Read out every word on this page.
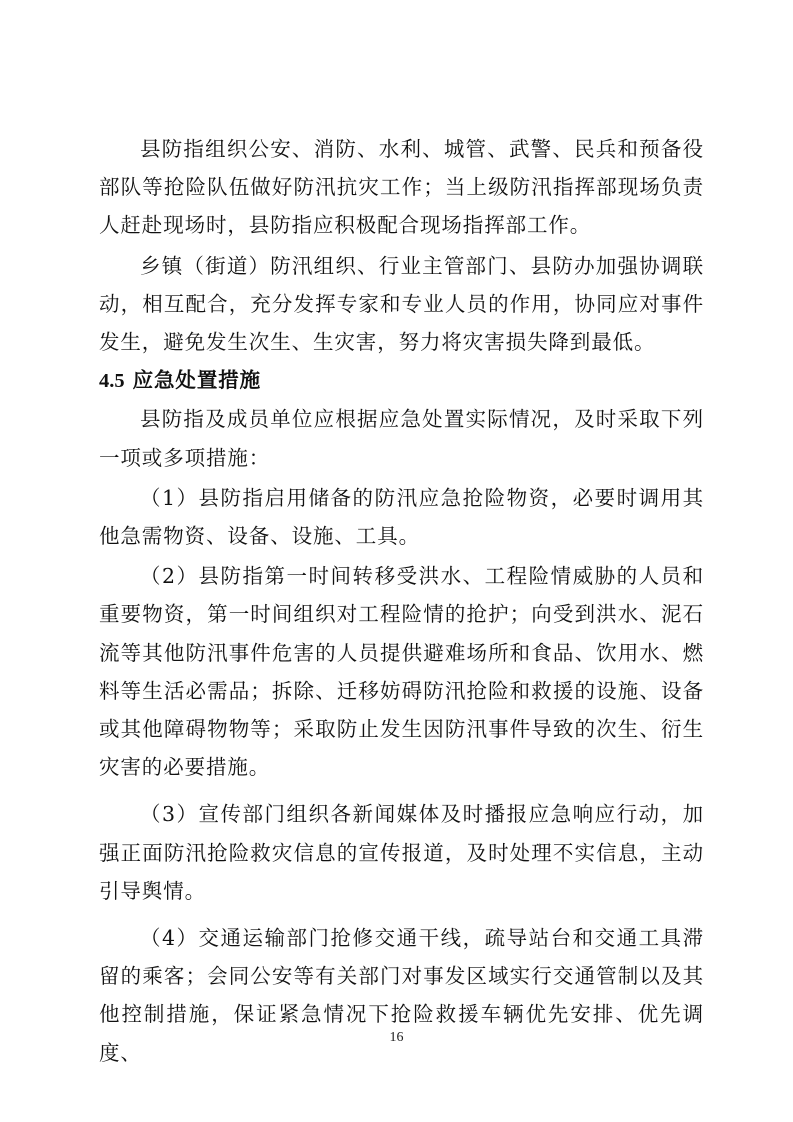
县防指组织公安、消防、水利、城管、武警、民兵和预备役部队等抢险队伍做好防汛抗灾工作；当上级防汛指挥部现场负责人赶赴现场时，县防指应积极配合现场指挥部工作。

乡镇（街道）防汛组织、行业主管部门、县防办加强协调联动，相互配合，充分发挥专家和专业人员的作用，协同应对事件发生，避免发生次生、生灾害，努力将灾害损失降到最低。

4.5 应急处置措施

县防指及成员单位应根据应急处置实际情况，及时采取下列一项或多项措施：

（1）县防指启用储备的防汛应急抢险物资，必要时调用其他急需物资、设备、设施、工具。

（2）县防指第一时间转移受洪水、工程险情威胁的人员和重要物资，第一时间组织对工程险情的抢护；向受到洪水、泥石流等其他防汛事件危害的人员提供避难场所和食品、饮用水、燃料等生活必需品；拆除、迁移妨碍防汛抢险和救援的设施、设备或其他障碍物物等；采取防止发生因防汛事件导致的次生、衍生灾害的必要措施。

（3）宣传部门组织各新闻媒体及时播报应急响应行动，加强正面防汛抢险救灾信息的宣传报道，及时处理不实信息，主动引导舆情。

（4）交通运输部门抢修交通干线，疏导站台和交通工具滞留的乘客；会同公安等有关部门对事发区域实行交通管制以及其他控制措施，保证紧急情况下抢险救援车辆优先安排、优先调度、

16
